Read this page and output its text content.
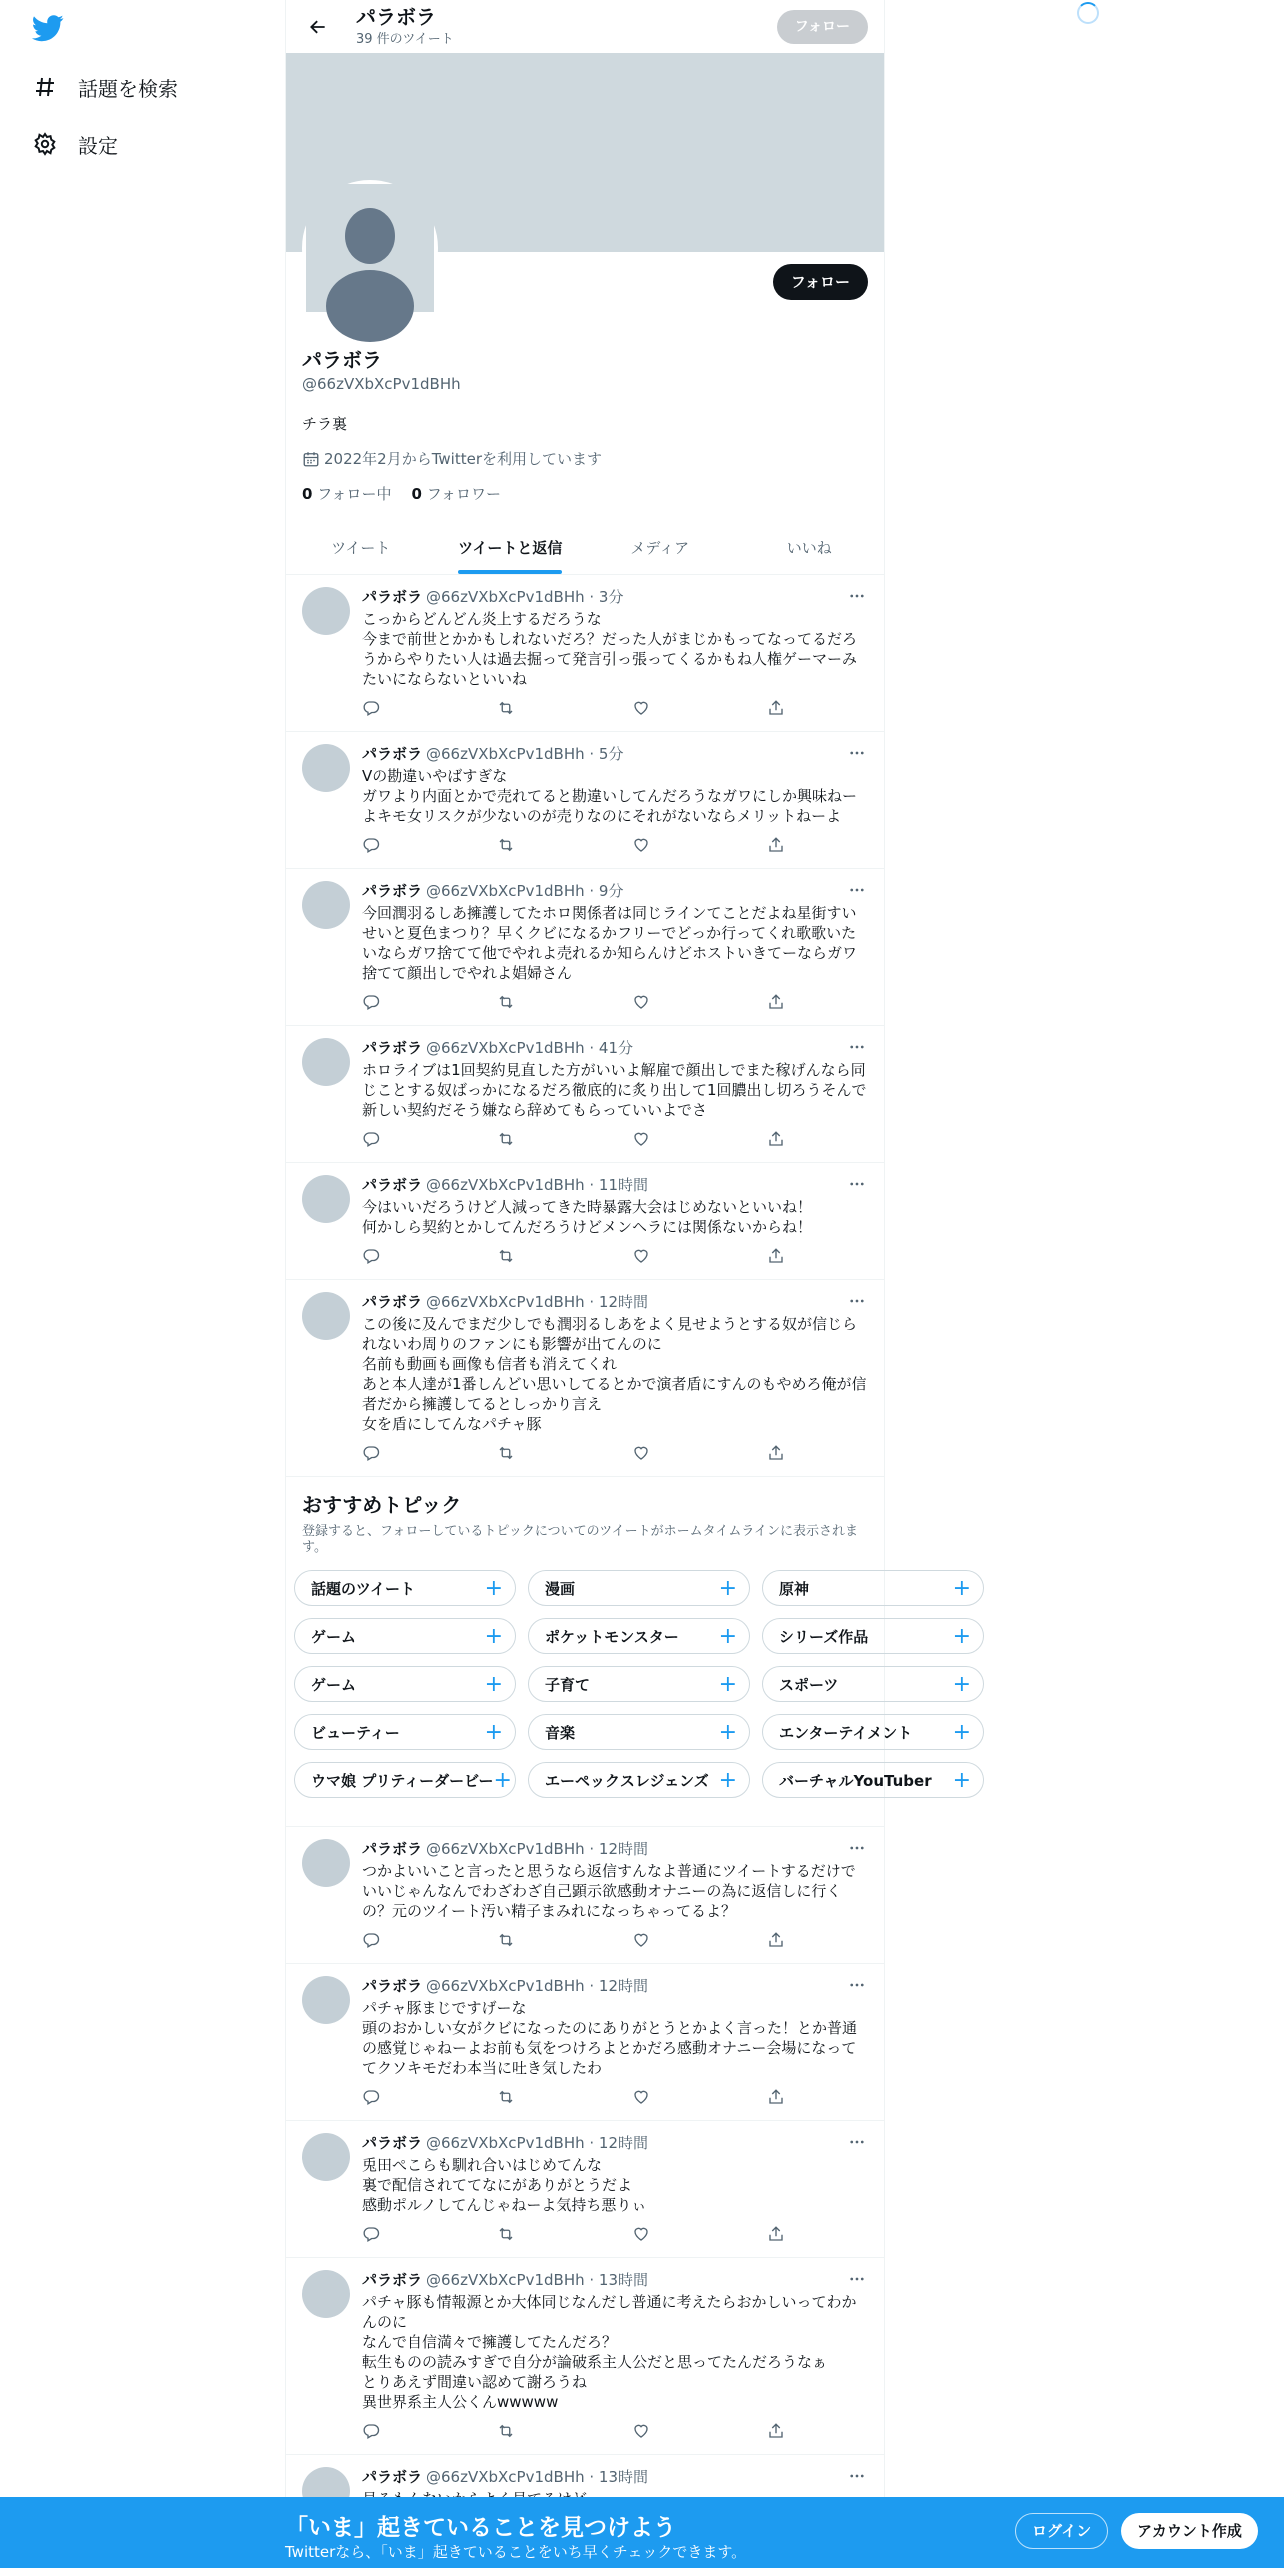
話題を検索
設定
パラボラ
39 件のツイート
フォロー
フォロー
パラボラ
@66zVXbXcPv1dBHh
チラ裏
2022年2月からTwitterを利用しています
0 フォロー中 0 フォロワー
ツイート	ツイートと返信	メディア	いいね
パラボラ @66zVXbXcPv1dBHh · 3分
こっからどんどん炎上するだろうな
今まで前世とかかもしれないだろ？だった人がまじかもってなってるだろうからやりたい人は過去掘って発言引っ張ってくるかもね人権ゲーマーみたいにならないといいね
パラボラ @66zVXbXcPv1dBHh · 5分
Vの勘違いやばすぎな
ガワより内面とかで売れてると勘違いしてんだろうなガワにしか興味ねーよキモ女リスクが少ないのが売りなのにそれがないならメリットねーよ
パラボラ @66zVXbXcPv1dBHh · 9分
今回潤羽るしあ擁護してたホロ関係者は同じラインてことだよね星街すいせいと夏色まつり？早くクビになるかフリーでどっか行ってくれ歌歌いたいならガワ捨てて他でやれよ売れるか知らんけどホストいきてーならガワ捨てて顔出しでやれよ娼婦さん
パラボラ @66zVXbXcPv1dBHh · 41分
ホロライブは1回契約見直した方がいいよ解雇で顔出しでまた稼げんなら同じことする奴ばっかになるだろ徹底的に炙り出して1回膿出し切ろうそんで新しい契約だそう嫌なら辞めてもらっていいよでさ
パラボラ @66zVXbXcPv1dBHh · 11時間
今はいいだろうけど人減ってきた時暴露大会はじめないといいね！
何かしら契約とかしてんだろうけどメンヘラには関係ないからね！
パラボラ @66zVXbXcPv1dBHh · 12時間
この後に及んでまだ少しでも潤羽るしあをよく見せようとする奴が信じられないわ周りのファンにも影響が出てんのに
名前も動画も画像も信者も消えてくれ
あと本人達が1番しんどい思いしてるとかで演者盾にすんのもやめろ俺が信者だから擁護してるとしっかり言え
女を盾にしてんなパチャ豚
おすすめトピック
登録すると、フォローしているトピックについてのツイートがホームタイムラインに表示されます。
話題のツイート	+	漫画	+	原神	+
ゲーム	+	ポケットモンスター +	シリーズ作品	+
ゲーム	+	子育て	+	スポーツ	+
ビューティー	+	音楽	+	エンターテイメント +
ウマ娘 プリティーダービー + エーペックスレジェンズ +	バーチャルYouTuber +
パラボラ @66zVXbXcPv1dBHh · 12時間
つかよいいこと言ったと思うなら返信すんなよ普通にツイートするだけでいいじゃんなんでわざわざ自己顕示欲感動オナニーの為に返信しに行くの？元のツイート汚い精子まみれになっちゃってるよ？
パラボラ @66zVXbXcPv1dBHh · 12時間
パチャ豚まじですげーな
頭のおかしい女がクビになったのにありがとうとかよく言った！とか普通の感覚じゃねーよお前も気をつけろよとかだろ感動オナニー会場になっててクソキモだわ本当に吐き気したわ
パラボラ @66zVXbXcPv1dBHh · 12時間
兎田ぺこらも馴れ合いはじめてんな
裏で配信されててなにがありがとうだよ
感動ポルノしてんじゃねーよ気持ち悪りぃ
パラボラ @66zVXbXcPv1dBHh · 13時間
パチャ豚も情報源とか大体同じなんだし普通に考えたらおかしいってわかんのに
なんで自信満々で擁護してたんだろ？
転生ものの読みすぎで自分が論破系主人公だと思ってたんだろうなぁ
とりあえず間違い認めて謝ろうね
異世界系主人公くんwwwww
パラボラ @66zVXbXcPv1dBHh · 13時間
「いま」起きていることを見つけよう
Twitterなら、「いま」起きていることをいち早くチェックできます。
ログイン	アカウント作成
